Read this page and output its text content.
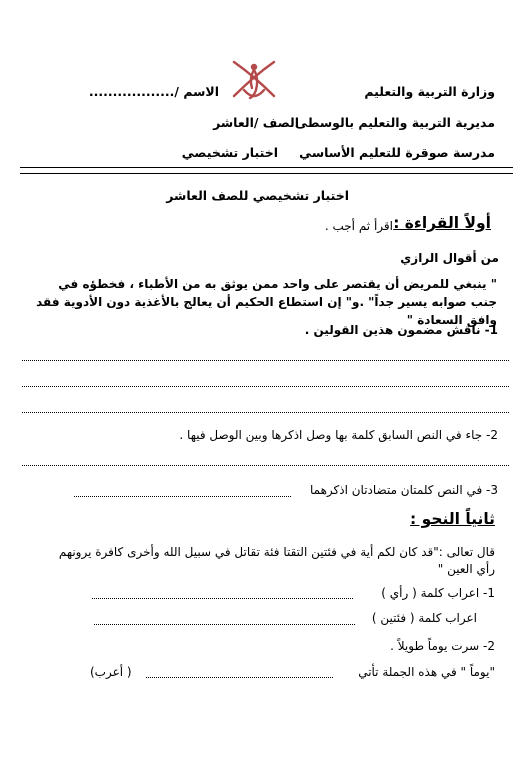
وزارة التربية والتعليم
الاسم /..................
مديرية التربية والتعليم بالوسطى
الصف /العاشر
مدرسة صوقرة للتعليم الأساسي
اختبار تشخيصي
اختبار تشخيصي للصف العاشر
أولاً القراءة :
اقرأ ثم أجب .
من أقوال الرازي

" ينبغي للمريض أن يقتصر على واحد ممن يوثق به من الأطباء ، فخطؤه في جنب صوابه يسير جداً" .و" إن استطاع الحكيم أن يعالج بالأغذية دون الأدوية فقد وافق السعادة "

1- ناقش مضمون هذين القولين .
2- جاء في النص السابق كلمة بها وصل اذكرها وبين الوصل فيها .
3- في النص كلمتان متضادتان اذكرهما
ثانياً النحو :

قال تعالى :"قد كان لكم أية في فئتين التقتا فئة تقاتل في سبيل الله وأخرى كافرة يرونهم رأي العين "

1- اعراب كلمة ( رأي )
اعراب كلمة ( فئتين )
2- سرت يوماً طويلاً .
"يوماً " في هذه الجملة تأتي
( أعرب)
